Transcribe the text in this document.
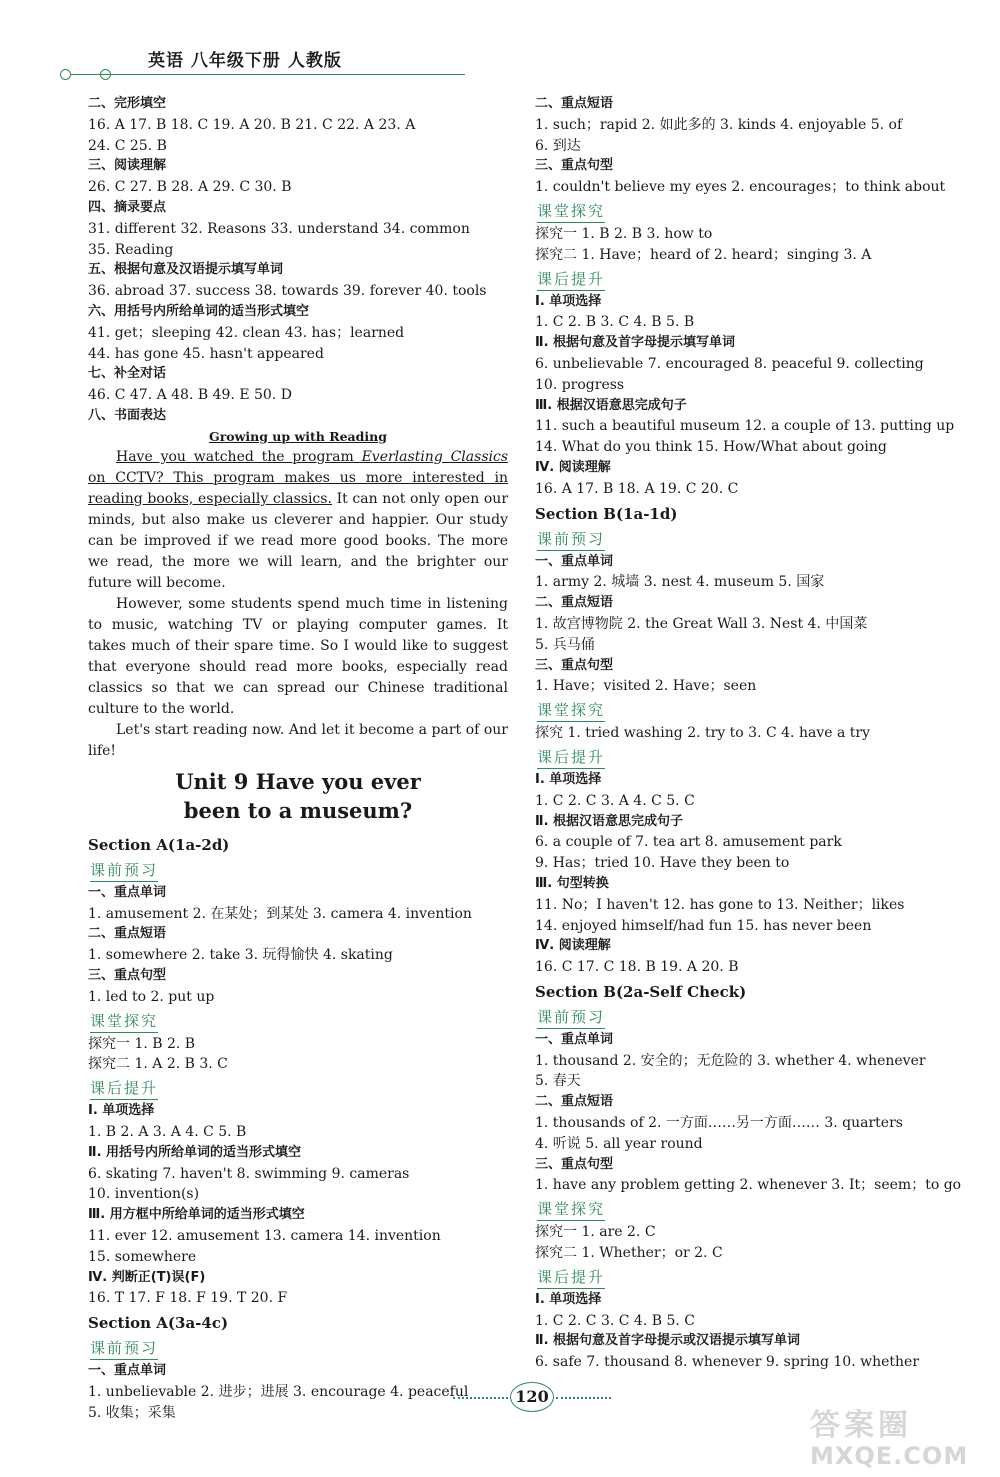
英语 八年级下册 人教版
二、完形填空
16. A 17. B 18. C 19. A 20. B 21. C 22. A 23. A
24. C 25. B
三、阅读理解
26. C 27. B 28. A 29. C 30. B
四、摘录要点
31. different 32. Reasons 33. understand 34. common
35. Reading
五、根据句意及汉语提示填写单词
36. abroad 37. success 38. towards 39. forever 40. tools
六、用括号内所给单词的适当形式填空
41. get；sleeping 42. clean 43. has；learned
44. has gone 45. hasn't appeared
七、补全对话
46. C 47. A 48. B 49. E 50. D
八、书面表达
Growing up with Reading
Have you watched the program Everlasting Classics on CCTV? This program makes us more interested in reading books, especially classics. It can not only open our minds, but also make us cleverer and happier. Our study can be improved if we read more good books. The more we read, the more we will learn, and the brighter our future will become.
However, some students spend much time in listening to music, watching TV or playing computer games. It takes much of their spare time. So I would like to suggest that everyone should read more books, especially read classics so that we can spread our Chinese traditional culture to the world.
Let's start reading now. And let it become a part of our life!
Unit 9 Have you ever
been to a museum?
Section A(1a-2d)
课前预习
一、重点单词
1. amusement 2. 在某处；到某处 3. camera 4. invention
二、重点短语
1. somewhere 2. take 3. 玩得愉快 4. skating
三、重点句型
1. led to 2. put up
课堂探究
探究一 1. B 2. B
探究二 1. A 2. B 3. C
课后提升
Ⅰ. 单项选择
1. B 2. A 3. A 4. C 5. B
Ⅱ. 用括号内所给单词的适当形式填空
6. skating 7. haven't 8. swimming 9. cameras
10. invention(s)
Ⅲ. 用方框中所给单词的适当形式填空
11. ever 12. amusement 13. camera 14. invention
15. somewhere
Ⅳ. 判断正(T)误(F)
16. T 17. F 18. F 19. T 20. F
Section A(3a-4c)
课前预习
一、重点单词
1. unbelievable 2. 进步；进展 3. encourage 4. peaceful
5. 收集；采集
二、重点短语
1. such；rapid 2. 如此多的 3. kinds 4. enjoyable 5. of
6. 到达
三、重点句型
1. couldn't believe my eyes 2. encourages；to think about
课堂探究
探究一 1. B 2. B 3. how to
探究二 1. Have；heard of 2. heard；singing 3. A
课后提升
Ⅰ. 单项选择
1. C 2. B 3. C 4. B 5. B
Ⅱ. 根据句意及首字母提示填写单词
6. unbelievable 7. encouraged 8. peaceful 9. collecting
10. progress
Ⅲ. 根据汉语意思完成句子
11. such a beautiful museum 12. a couple of 13. putting up
14. What do you think 15. How/What about going
Ⅳ. 阅读理解
16. A 17. B 18. A 19. C 20. C
Section B(1a-1d)
课前预习
一、重点单词
1. army 2. 城墙 3. nest 4. museum 5. 国家
二、重点短语
1. 故宫博物院 2. the Great Wall 3. Nest 4. 中国菜
5. 兵马俑
三、重点句型
1. Have；visited 2. Have；seen
课堂探究
探究 1. tried washing 2. try to 3. C 4. have a try
课后提升
Ⅰ. 单项选择
1. C 2. C 3. A 4. C 5. C
Ⅱ. 根据汉语意思完成句子
6. a couple of 7. tea art 8. amusement park
9. Has；tried 10. Have they been to
Ⅲ. 句型转换
11. No；I haven't 12. has gone to 13. Neither；likes
14. enjoyed himself/had fun 15. has never been
Ⅳ. 阅读理解
16. C 17. C 18. B 19. A 20. B
Section B(2a-Self Check)
课前预习
一、重点单词
1. thousand 2. 安全的；无危险的 3. whether 4. whenever
5. 春天
二、重点短语
1. thousands of 2. 一方面……另一方面…… 3. quarters
4. 听说 5. all year round
三、重点句型
1. have any problem getting 2. whenever 3. It；seem；to go
课堂探究
探究一 1. are 2. C
探究二 1. Whether；or 2. C
课后提升
Ⅰ. 单项选择
1. C 2. C 3. C 4. B 5. C
Ⅱ. 根据句意及首字母提示或汉语提示填写单词
6. safe 7. thousand 8. whenever 9. spring 10. whether
120
答案圈
MXQE.COM
